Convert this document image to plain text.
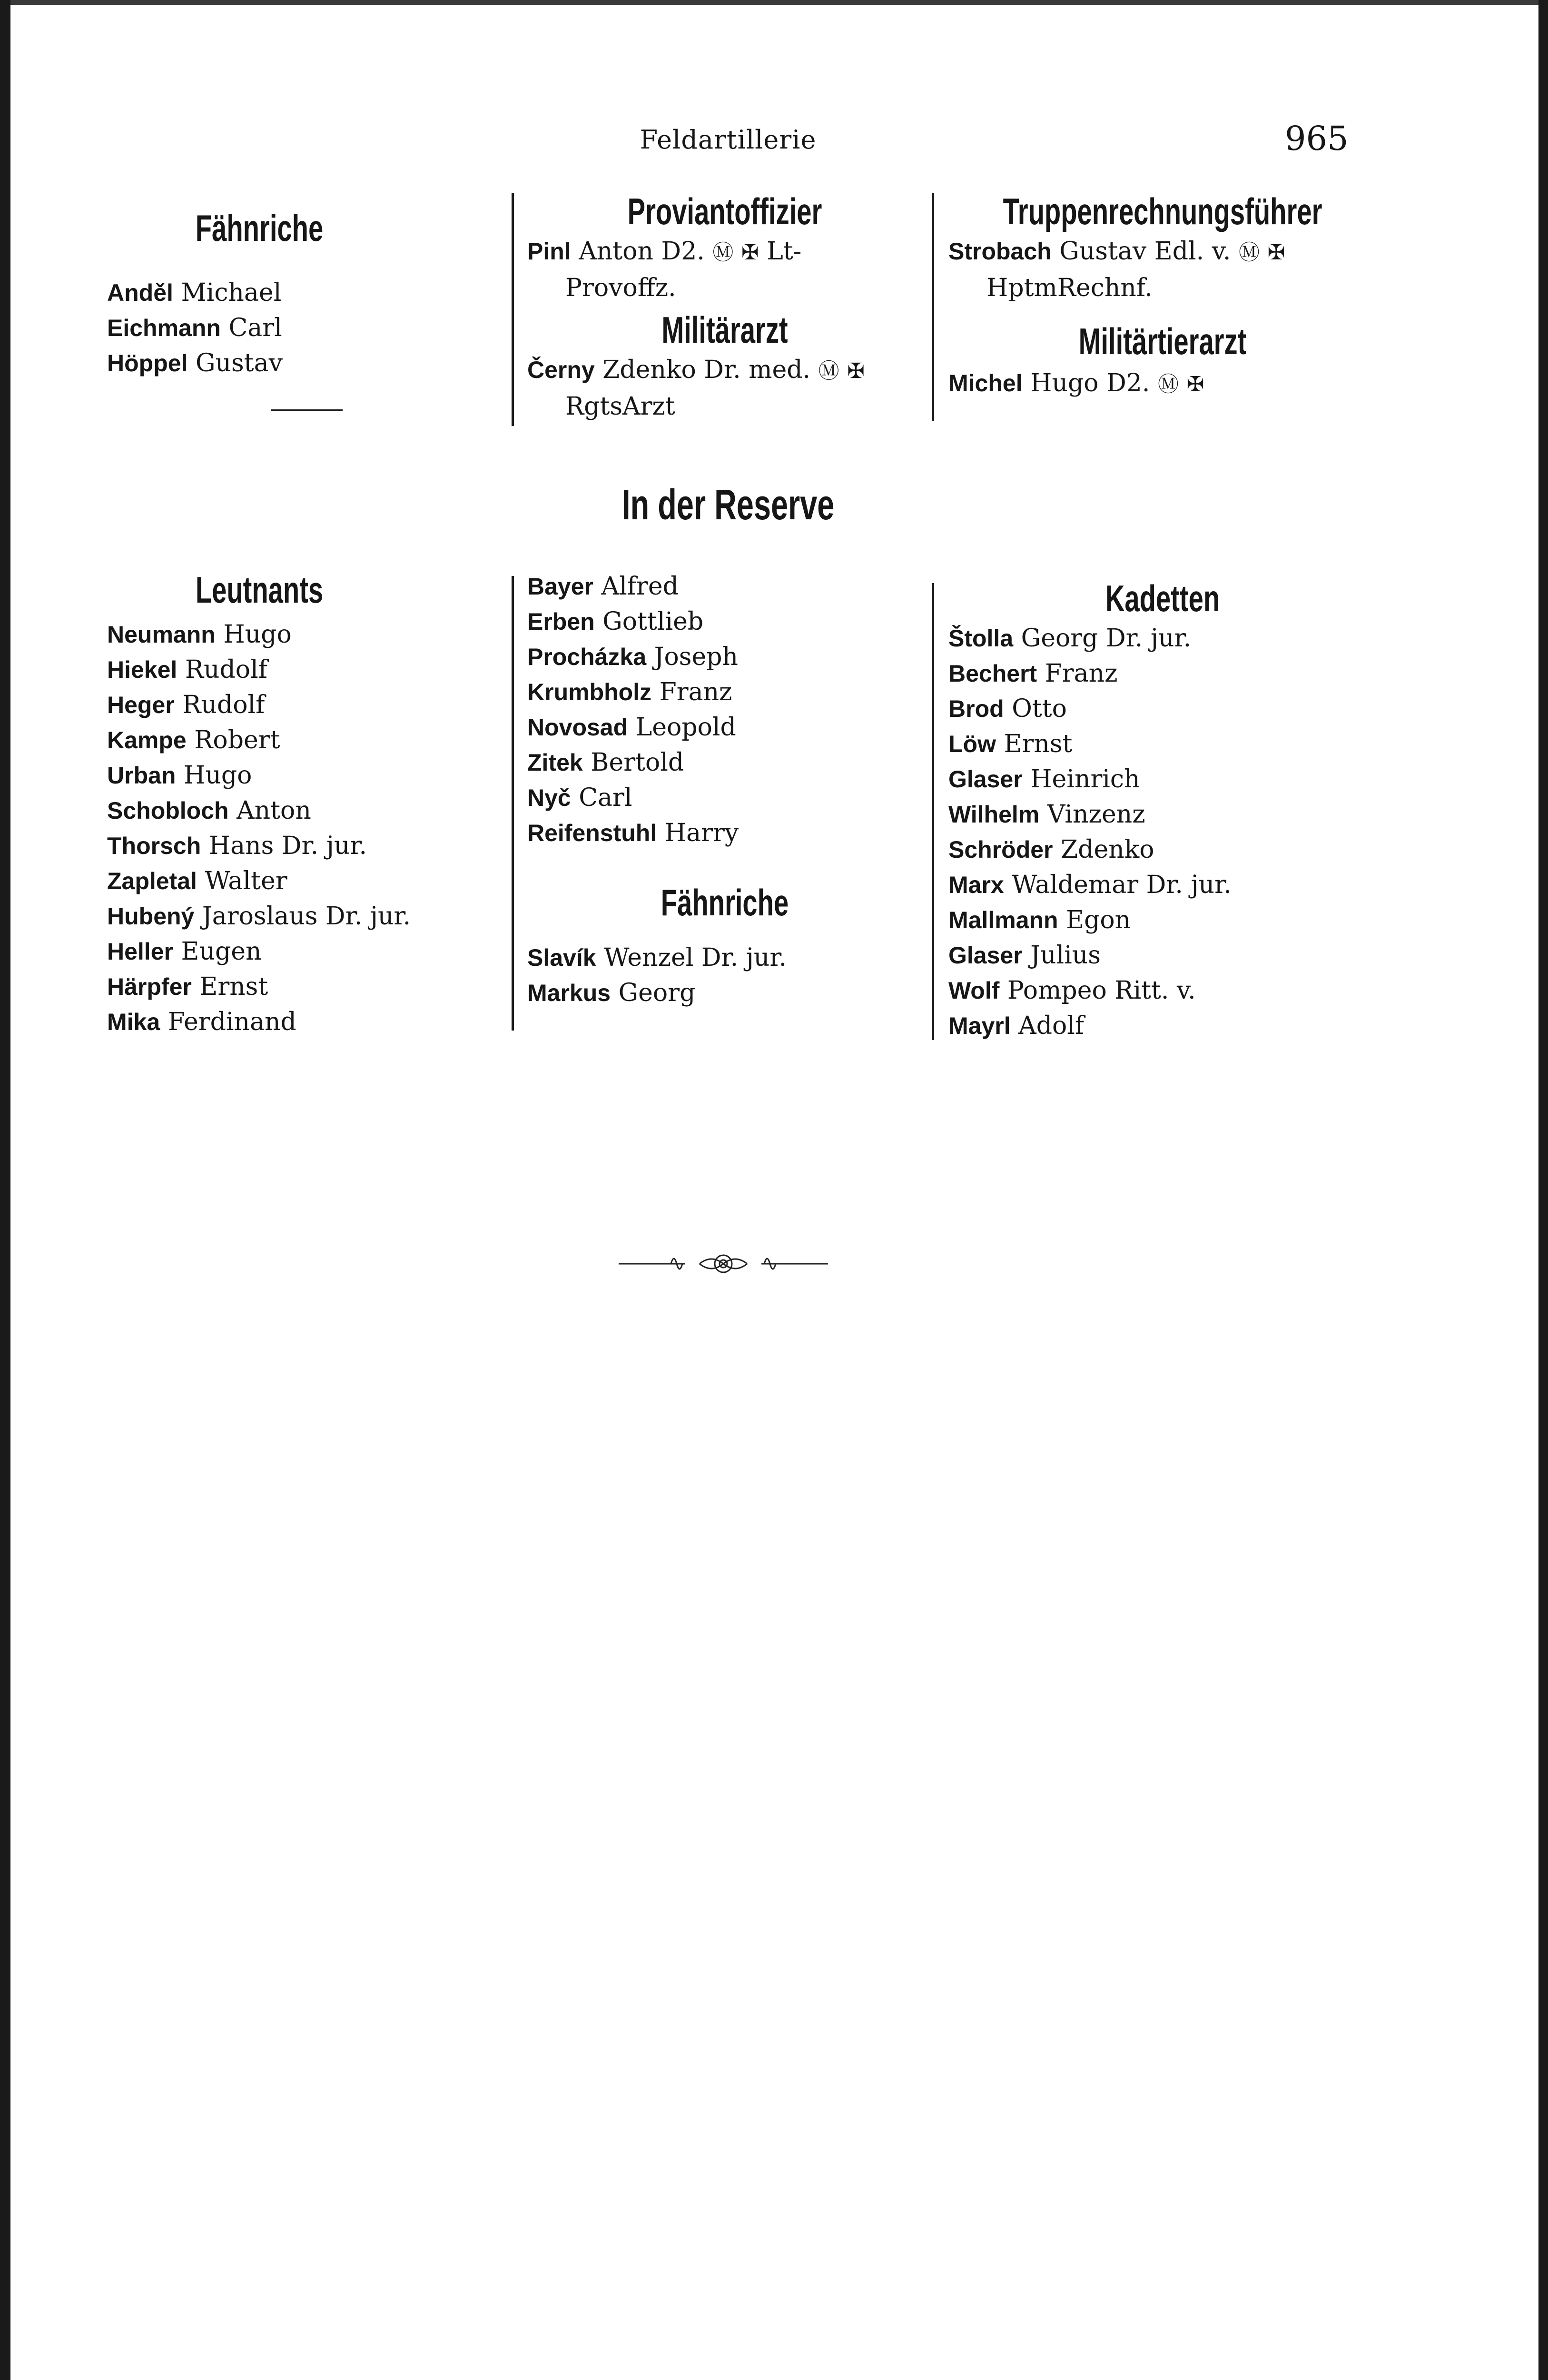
Feldartillerie	965
Fähnriche
Anděl Michael
Eichmann Carl
Höppel Gustav
Proviantoffizier
Pinl Anton D2. Ⓜ ✠ Lt-
Provoffz.
Militärarzt
Černy Zdenko Dr. med. Ⓜ ✠
RgtsArzt
Truppenrechnungsführer
Strobach Gustav Edl. v. Ⓜ ✠
HptmRechnf.
Militärtierarzt
Michel Hugo D2. Ⓜ ✠
In der Reserve
Leutnants
Neumann Hugo
Hiekel Rudolf
Heger Rudolf
Kampe Robert
Urban Hugo
Schobloch Anton
Thorsch Hans Dr. jur.
Zapletal Walter
Hubený Jaroslaus Dr. jur.
Heller Eugen
Härpfer Ernst
Mika Ferdinand
Bayer Alfred
Erben Gottlieb
Procházka Joseph
Krumbholz Franz
Novosad Leopold
Zitek Bertold
Nyč Carl
Reifenstuhl Harry
Fähnriche
Slavík Wenzel Dr. jur.
Markus Georg
Kadetten
Štolla Georg Dr. jur.
Bechert Franz
Brod Otto
Löw Ernst
Glaser Heinrich
Wilhelm Vinzenz
Schröder Zdenko
Marx Waldemar Dr. jur.
Mallmann Egon
Glaser Julius
Wolf Pompeo Ritt. v.
Mayrl Adolf
